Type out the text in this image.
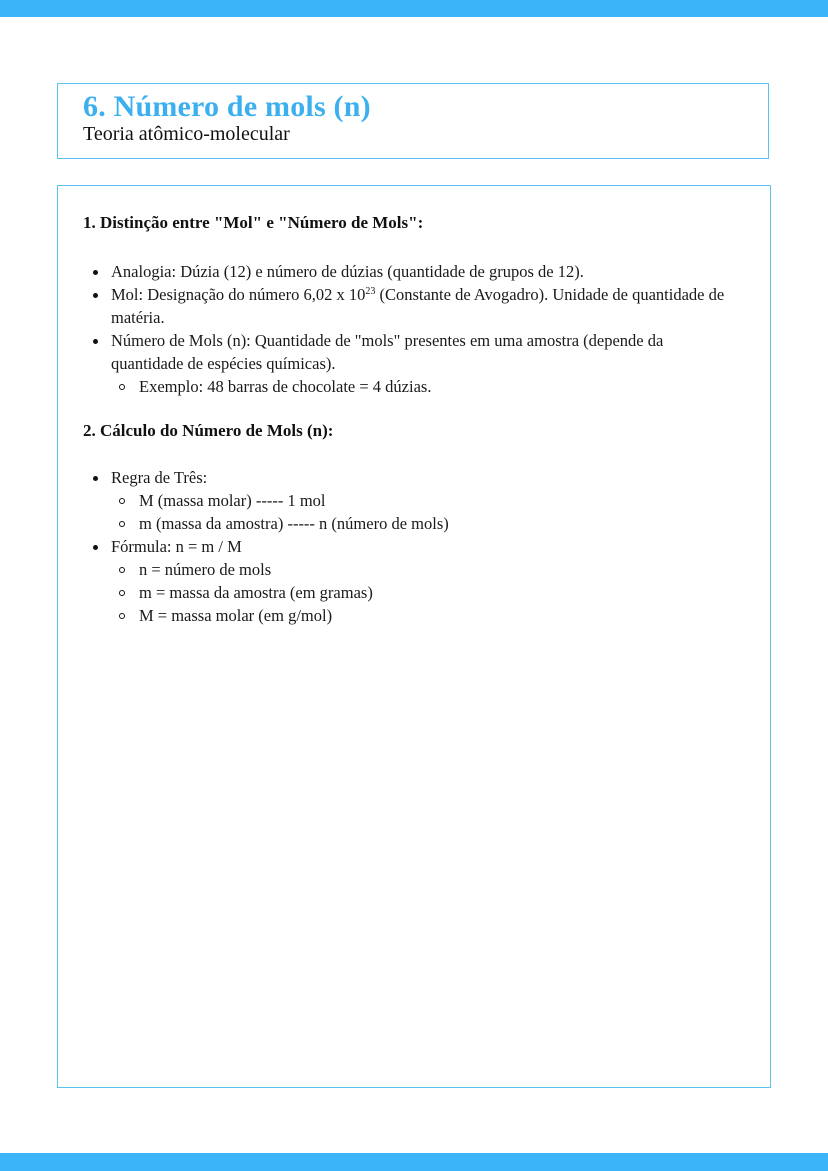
6. Número de mols (n)
Teoria atômico-molecular
1. Distinção entre "Mol" e "Número de Mols":
Analogia: Dúzia (12) e número de dúzias (quantidade de grupos de 12).
Mol: Designação do número 6,02 x $10^{23}$ (Constante de Avogadro). Unidade de quantidade de matéria.
Número de Mols (n): Quantidade de "mols" presentes em uma amostra (depende da quantidade de espécies químicas).
Exemplo: 48 barras de chocolate = 4 dúzias.
2. Cálculo do Número de Mols (n):
Regra de Três:
M (massa molar) ----- 1 mol
m (massa da amostra) ----- n (número de mols)
Fórmula: n = m / M
n = número de mols
m = massa da amostra (em gramas)
M = massa molar (em g/mol)
